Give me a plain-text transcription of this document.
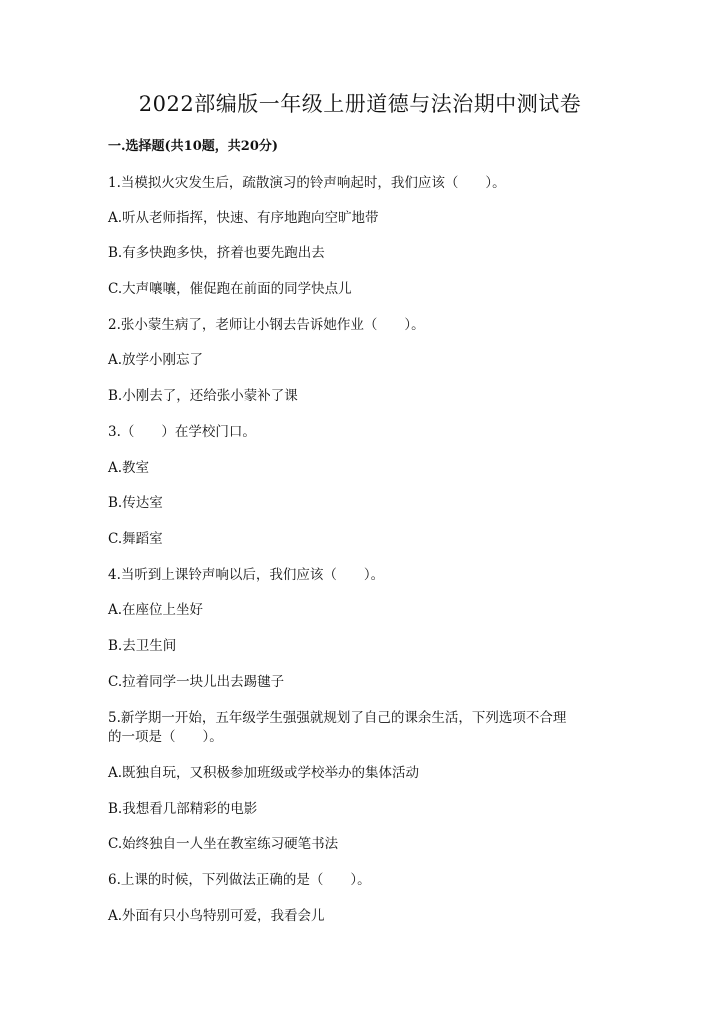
2022部编版一年级上册道德与法治期中测试卷
一.选择题(共10题，共20分)
1.当模拟火灾发生后，疏散演习的铃声响起时，我们应该（　　）。
A.听从老师指挥，快速、有序地跑向空旷地带
B.有多快跑多快，挤着也要先跑出去
C.大声嚷嚷，催促跑在前面的同学快点儿
2.张小蒙生病了，老师让小钢去告诉她作业（　　）。
A.放学小刚忘了
B.小刚去了，还给张小蒙补了课
3.（　　）在学校门口。
A.教室
B.传达室
C.舞蹈室
4.当听到上课铃声响以后，我们应该（　　）。
A.在座位上坐好
B.去卫生间
C.拉着同学一块儿出去踢毽子
5.新学期一开始，五年级学生强强就规划了自己的课余生活，下列选项不合理
的一项是（　　）。
A.既独自玩，又积极参加班级或学校举办的集体活动
B.我想看几部精彩的电影
C.始终独自一人坐在教室练习硬笔书法
6.上课的时候，下列做法正确的是（　　）。
A.外面有只小鸟特别可爱，我看会儿
